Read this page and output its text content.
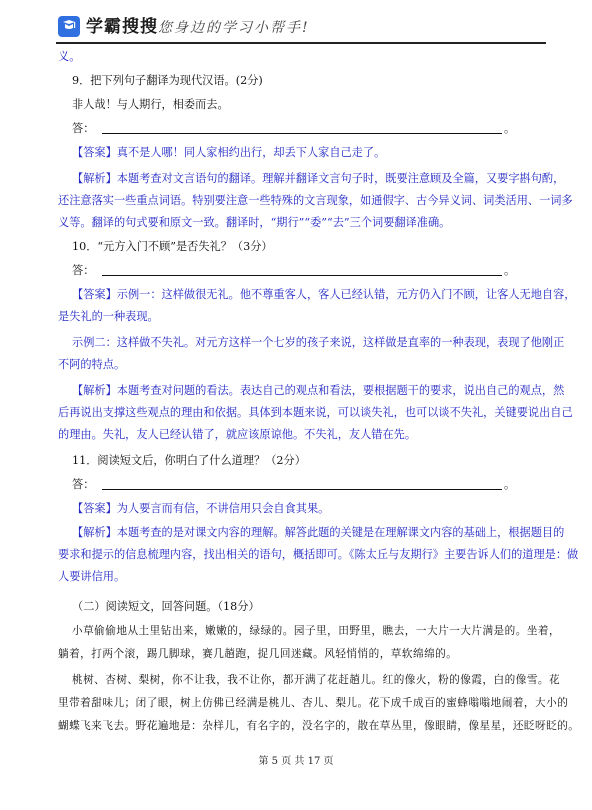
学霸搜搜 您身边的学习小帮手!
义。
9．把下列句子翻译为现代汉语。(2分)
非人哉！与人期行，相委而去。
答：	。
【答案】真不是人哪！同人家相约出行，却丢下人家自己走了。
【解析】本题考查对文言语句的翻译。理解并翻译文言句子时，既要注意顾及全篇，又要字斟句酌，
还注意落实一些重点词语。特别要注意一些特殊的文言现象，如通假字、古今异义词、词类活用、一词多
义等。翻译的句式要和原文一致。翻译时，“期行”“委”“去”三个词要翻译准确。
10．“元方入门不顾”是否失礼？（3分）
答：	。
【答案】示例一：这样做很无礼。他不尊重客人，客人已经认错，元方仍入门不顾，让客人无地自容，
是失礼的一种表现。
示例二：这样做不失礼。对元方这样一个七岁的孩子来说，这样做是直率的一种表现，表现了他刚正
不阿的特点。
【解析】本题考查对问题的看法。表达自己的观点和看法，要根据题干的要求，说出自己的观点，然
后再说出支撑这些观点的理由和依据。具体到本题来说，可以谈失礼，也可以谈不失礼，关键要说出自己
的理由。失礼，友人已经认错了，就应该原谅他。不失礼，友人错在先。
11．阅读短文后，你明白了什么道理？（2分）
答：	。
【答案】为人要言而有信，不讲信用只会自食其果。
【解析】本题考查的是对课文内容的理解。解答此题的关键是在理解课文内容的基础上，根据题目的
要求和提示的信息梳理内容，找出相关的语句，概括即可。《陈太丘与友期行》主要告诉人们的道理是：做
人要讲信用。
（二）阅读短文，回答问题。（18分）
小草偷偷地从土里钻出来，嫩嫩的，绿绿的。园子里，田野里，瞧去，一大片一大片满是的。坐着，
躺着，打两个滚，踢几脚球，赛几趟跑，捉几回迷藏。风轻悄悄的，草软绵绵的。
桃树、杏树、梨树，你不让我，我不让你，都开满了花赶趟儿。红的像火，粉的像霞，白的像雪。花
里带着甜味儿；闭了眼，树上仿佛已经满是桃儿、杏儿、梨儿。花下成千成百的蜜蜂嗡嗡地闹着，大小的
蝴蝶飞来飞去。野花遍地是：杂样儿，有名字的，没名字的，散在草丛里，像眼睛，像星星，还眨呀眨的。
第 5 页 共 17 页
